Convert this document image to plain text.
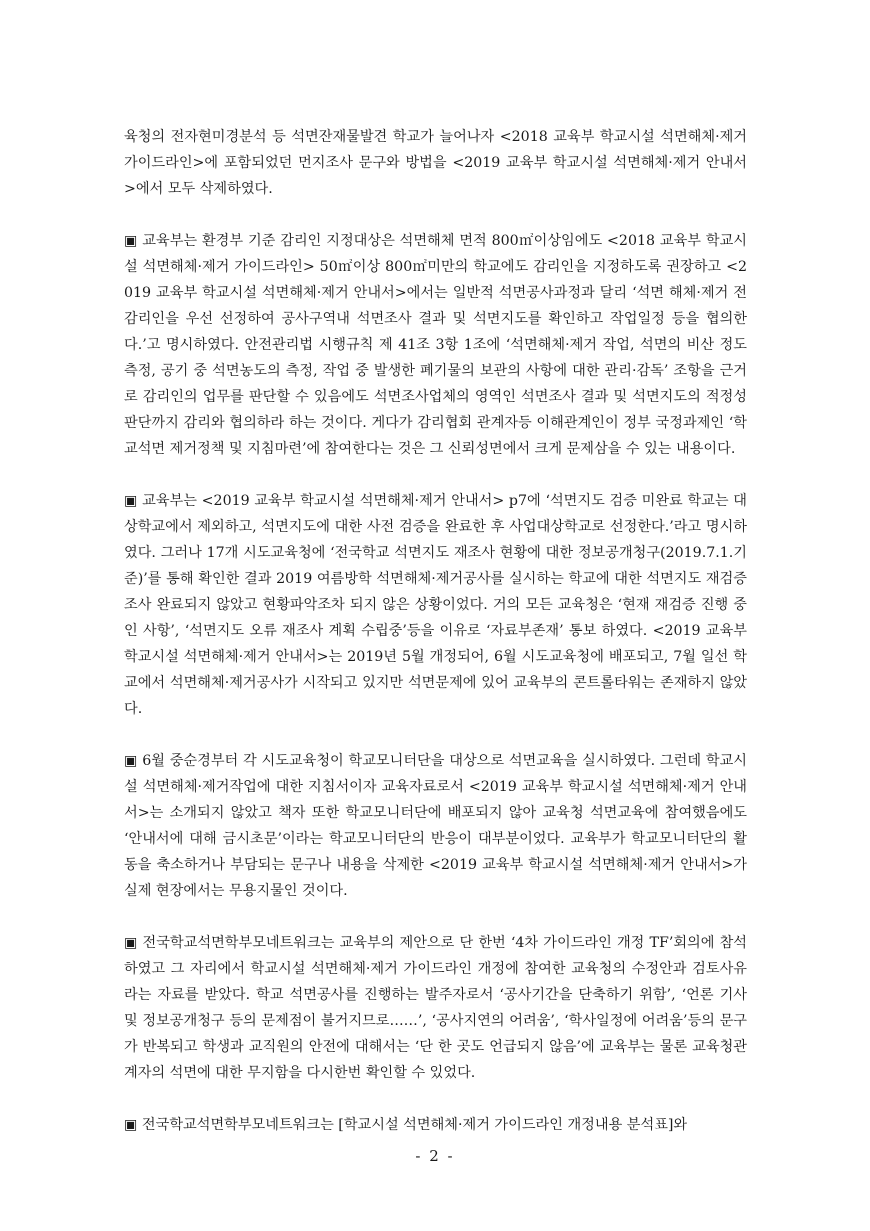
육청의 전자현미경분석 등 석면잔재물발견 학교가 늘어나자 <2018 교육부 학교시설 석면해체·제거 가이드라인>에 포함되었던 먼지조사 문구와 방법을 <2019 교육부 학교시설 석면해체·제거 안내서>에서 모두 삭제하였다.

▣ 교육부는 환경부 기준 감리인 지정대상은 석면해체 면적 800㎡이상임에도 <2018 교육부 학교시설 석면해체·제거 가이드라인> 50㎡이상 800㎡미만의 학교에도 감리인을 지정하도록 권장하고 <2019 교육부 학교시설 석면해체·제거 안내서>에서는 일반적 석면공사과정과 달리 ‘석면 해체·제거 전 감리인을 우선 선정하여 공사구역내 석면조사 결과 및 석면지도를 확인하고 작업일정 등을 협의한다.’고 명시하였다. 안전관리법 시행규칙 제 41조 3항 1조에 ‘석면해체·제거 작업, 석면의 비산 정도 측정, 공기 중 석면농도의 측정, 작업 중 발생한 폐기물의 보관의 사항에 대한 관리·감독’ 조항을 근거로 감리인의 업무를 판단할 수 있음에도 석면조사업체의 영역인 석면조사 결과 및 석면지도의 적정성 판단까지 감리와 협의하라 하는 것이다. 게다가 감리협회 관계자등 이해관계인이 정부 국정과제인 ‘학교석면 제거정책 및 지침마련’에 참여한다는 것은 그 신뢰성면에서 크게 문제삼을 수 있는 내용이다.

▣ 교육부는 <2019 교육부 학교시설 석면해체·제거 안내서> p7에 ‘석면지도 검증 미완료 학교는 대상학교에서 제외하고, 석면지도에 대한 사전 검증을 완료한 후 사업대상학교로 선정한다.’라고 명시하였다. 그러나 17개 시도교육청에 ‘전국학교 석면지도 재조사 현황에 대한 정보공개청구(2019.7.1.기준)’를 통해 확인한 결과 2019 여름방학 석면해체·제거공사를 실시하는 학교에 대한 석면지도 재검증조사 완료되지 않았고 현황파악조차 되지 않은 상황이었다. 거의 모든 교육청은 ‘현재 재검증 진행 중인 사항’, ‘석면지도 오류 재조사 계획 수립중’등을 이유로 ‘자료부존재’ 통보 하였다. <2019 교육부 학교시설 석면해체·제거 안내서>는 2019년 5월 개정되어, 6월 시도교육청에 배포되고, 7월 일선 학교에서 석면해체·제거공사가 시작되고 있지만 석면문제에 있어 교육부의 콘트롤타워는 존재하지 않았다.

▣ 6월 중순경부터 각 시도교육청이 학교모니터단을 대상으로 석면교육을 실시하였다. 그런데 학교시설 석면해체·제거작업에 대한 지침서이자 교육자료로서 <2019 교육부 학교시설 석면해체·제거 안내서>는 소개되지 않았고 책자 또한 학교모니터단에 배포되지 않아 교육청 석면교육에 참여했음에도 ‘안내서에 대해 금시초문’이라는 학교모니터단의 반응이 대부분이었다. 교육부가 학교모니터단의 활동을 축소하거나 부담되는 문구나 내용을 삭제한 <2019 교육부 학교시설 석면해체·제거 안내서>가 실제 현장에서는 무용지물인 것이다.

▣ 전국학교석면학부모네트워크는 교육부의 제안으로 단 한번 ‘4차 가이드라인 개정 TF’회의에 참석하였고 그 자리에서 학교시설 석면해체·제거 가이드라인 개정에 참여한 교육청의 수정안과 검토사유라는 자료를 받았다. 학교 석면공사를 진행하는 발주자로서 ‘공사기간을 단축하기 위함’, ‘언론 기사 및 정보공개청구 등의 문제점이 불거지므로……’, ‘공사지연의 어려움’, ‘학사일정에 어려움’등의 문구가 반복되고 학생과 교직원의 안전에 대해서는 ‘단 한 곳도 언급되지 않음’에 교육부는 물론 교육청관계자의 석면에 대한 무지함을 다시한번 확인할 수 있었다.

▣ 전국학교석면학부모네트워크는 [학교시설 석면해체·제거 가이드라인 개정내용 분석표]와

- 2 -
